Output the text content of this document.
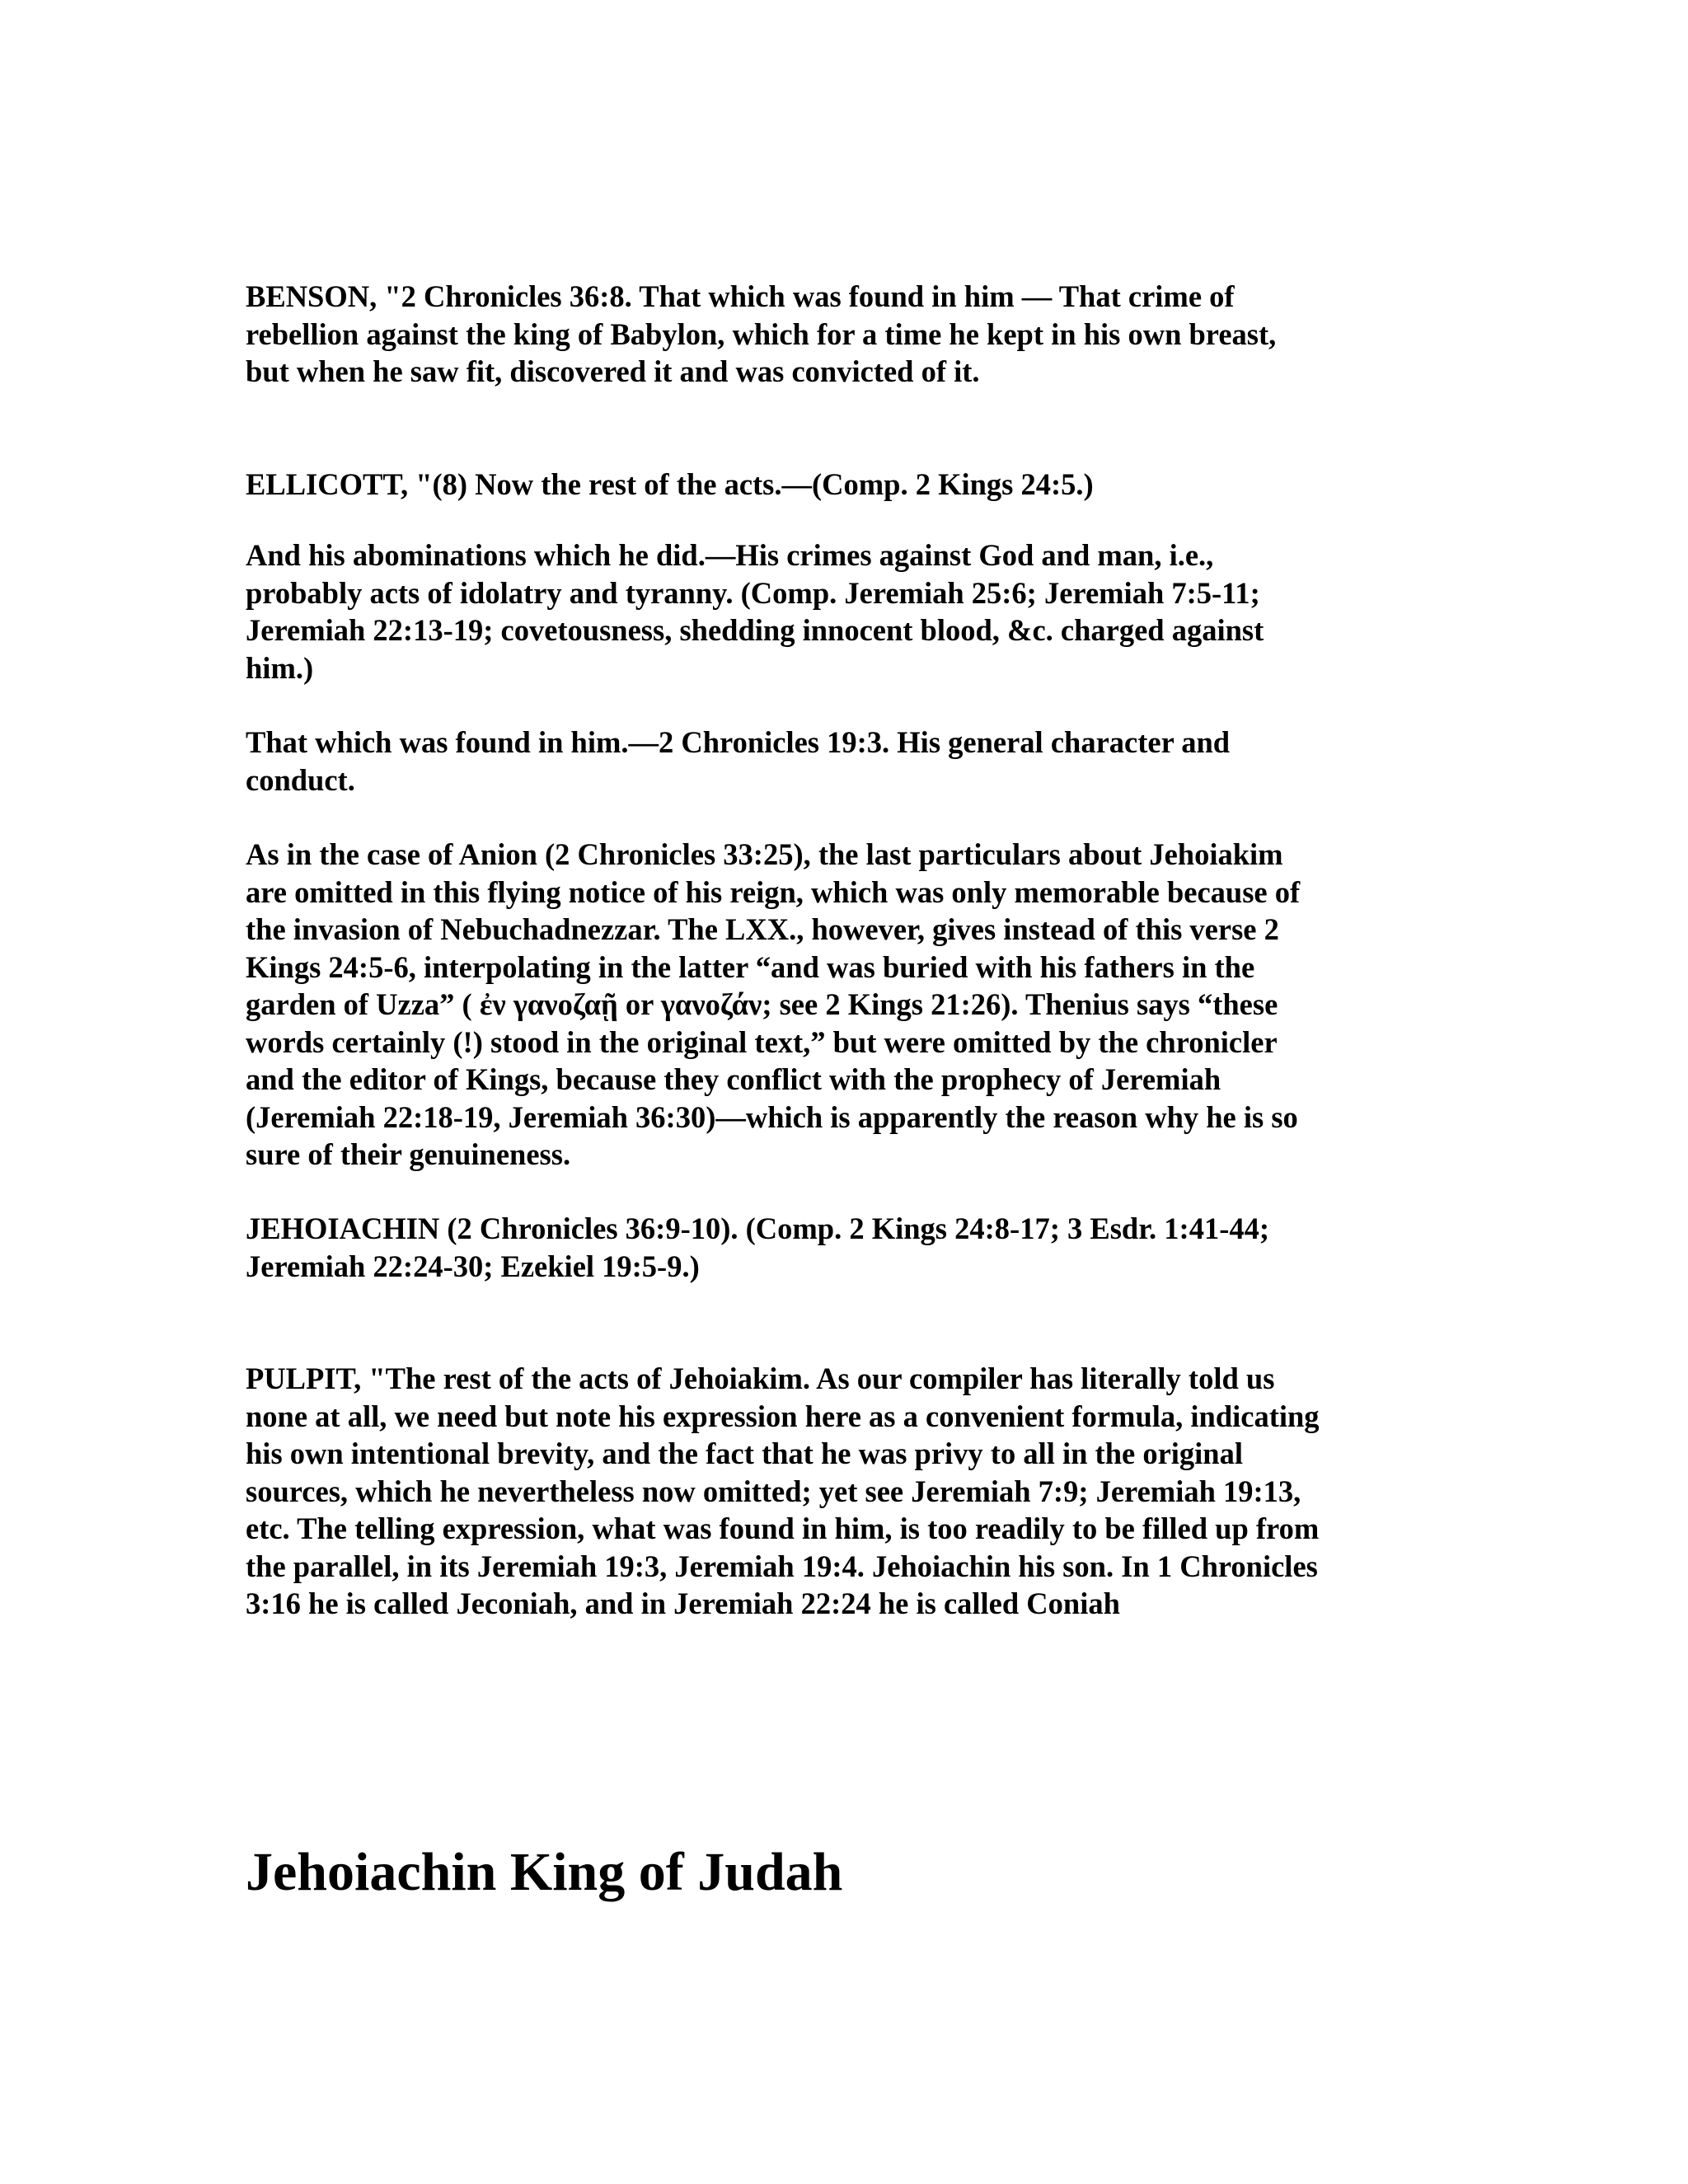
BENSON, "2 Chronicles 36:8. That which was found in him — That crime of
rebellion against the king of Babylon, which for a time he kept in his own breast,
but when he saw fit, discovered it and was convicted of it.
ELLICOTT, "(8) Now the rest of the acts.—(Comp. 2 Kings 24:5.)
And his abominations which he did.—His crimes against God and man, i.e.,
probably acts of idolatry and tyranny. (Comp. Jeremiah 25:6; Jeremiah 7:5-11;
Jeremiah 22:13-19; covetousness, shedding innocent blood, &c. charged against
him.)
That which was found in him.—2 Chronicles 19:3. His general character and
conduct.
As in the case of Anion (2 Chronicles 33:25), the last particulars about Jehoiakim
are omitted in this flying notice of his reign, which was only memorable because of
the invasion of Nebuchadnezzar. The LXX., however, gives instead of this verse 2
Kings 24:5-6, interpolating in the latter “and was buried with his fathers in the
garden of Uzza” ( ἐν γανοζαῇ or γανοζάν; see 2 Kings 21:26). Thenius says “these
words certainly (!) stood in the original text,” but were omitted by the chronicler
and the editor of Kings, because they conflict with the prophecy of Jeremiah
(Jeremiah 22:18-19, Jeremiah 36:30)—which is apparently the reason why he is so
sure of their genuineness.
JEHOIACHIN (2 Chronicles 36:9-10). (Comp. 2 Kings 24:8-17; 3 Esdr. 1:41-44;
Jeremiah 22:24-30; Ezekiel 19:5-9.)
PULPIT, "The rest of the acts of Jehoiakim. As our compiler has literally told us
none at all, we need but note his expression here as a convenient formula, indicating
his own intentional brevity, and the fact that he was privy to all in the original
sources, which he nevertheless now omitted; yet see Jeremiah 7:9; Jeremiah 19:13,
etc. The telling expression, what was found in him, is too readily to be filled up from
the parallel, in its Jeremiah 19:3, Jeremiah 19:4. Jehoiachin his son. In 1 Chronicles
3:16 he is called Jeconiah, and in Jeremiah 22:24 he is called Coniah
Jehoiachin King of Judah
